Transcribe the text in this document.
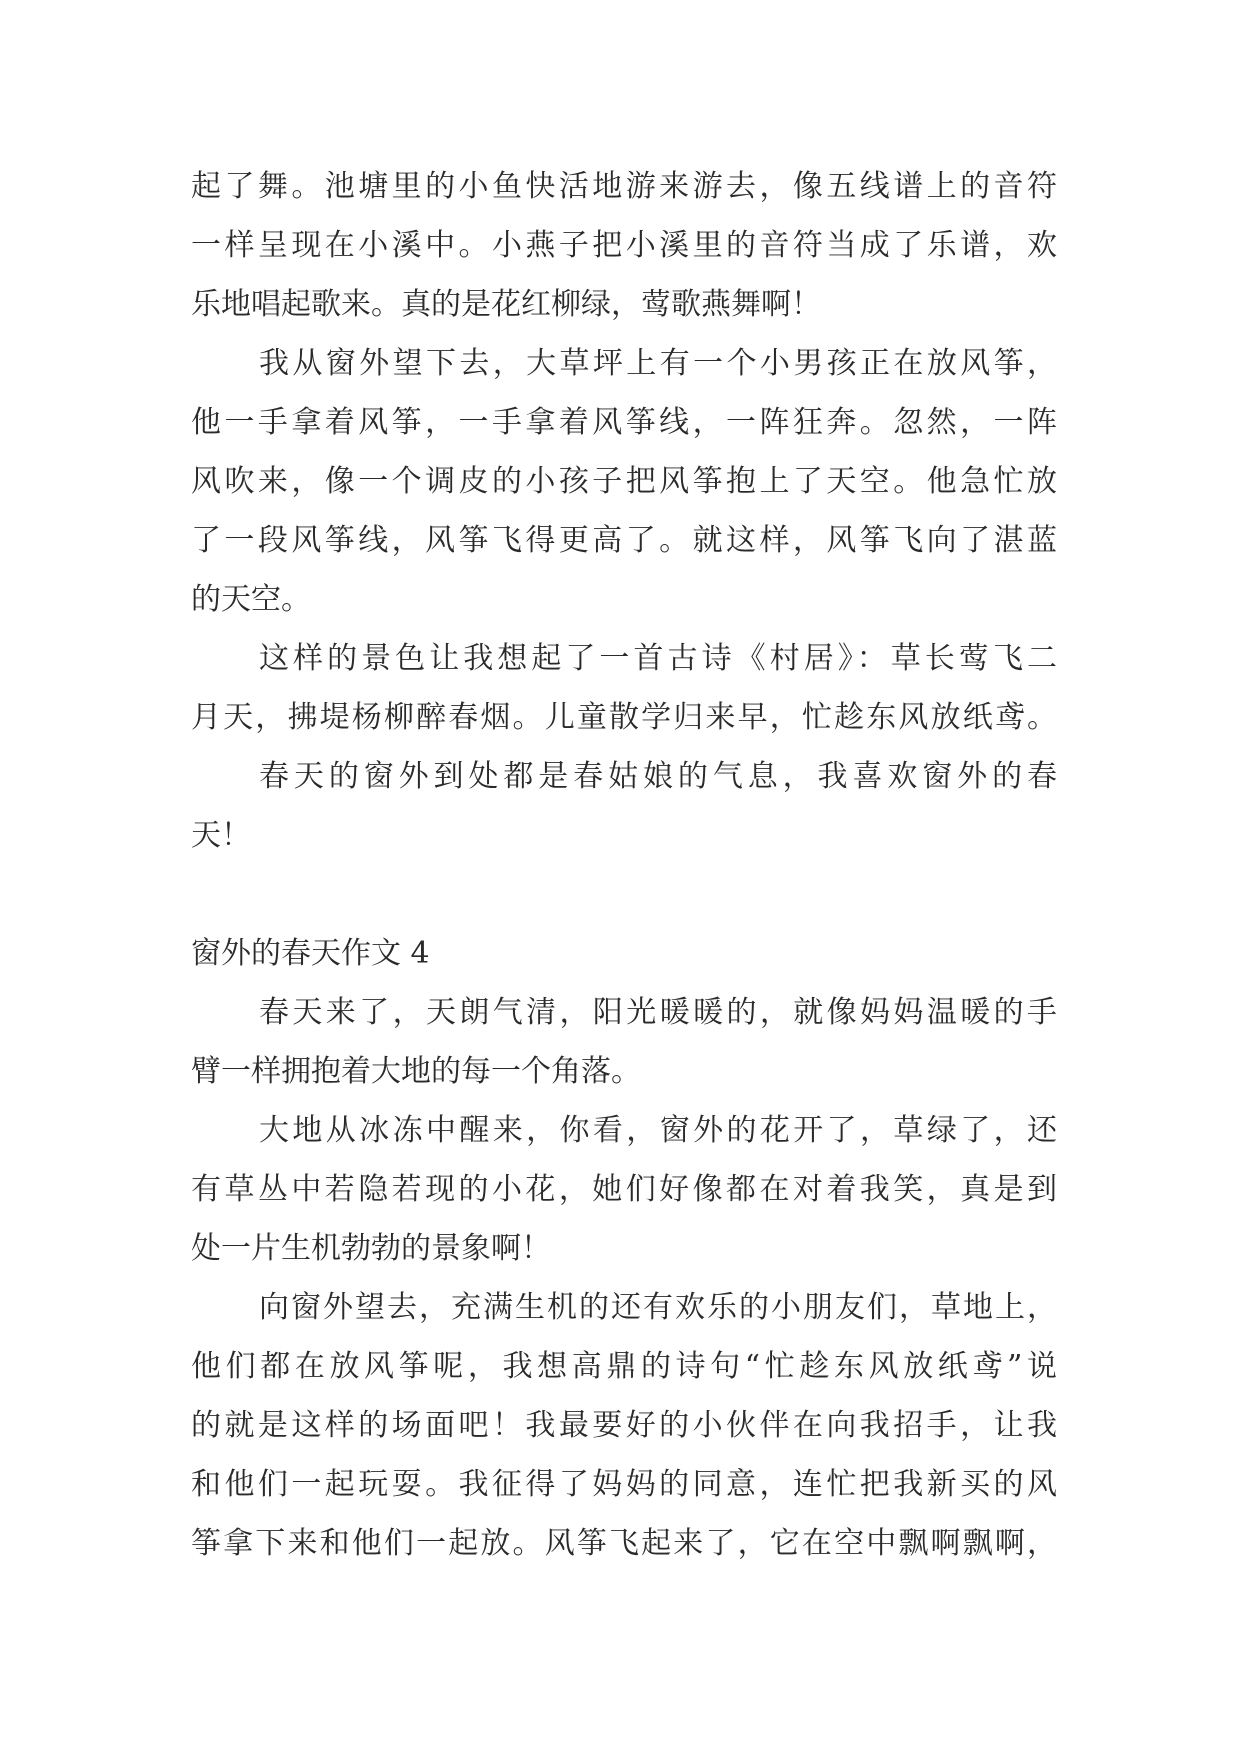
起了舞。池塘里的小鱼快活地游来游去，像五线谱上的音符
一样呈现在小溪中。小燕子把小溪里的音符当成了乐谱，欢
乐地唱起歌来。真的是花红柳绿，莺歌燕舞啊！
我从窗外望下去，大草坪上有一个小男孩正在放风筝，
他一手拿着风筝，一手拿着风筝线，一阵狂奔。忽然，一阵
风吹来，像一个调皮的小孩子把风筝抱上了天空。他急忙放
了一段风筝线，风筝飞得更高了。就这样，风筝飞向了湛蓝
的天空。
这样的景色让我想起了一首古诗《村居》：草长莺飞二
月天，拂堤杨柳醉春烟。儿童散学归来早，忙趁东风放纸鸢。
春天的窗外到处都是春姑娘的气息，我喜欢窗外的春
天！
窗外的春天作文 4
春天来了，天朗气清，阳光暖暖的，就像妈妈温暖的手
臂一样拥抱着大地的每一个角落。
大地从冰冻中醒来，你看，窗外的花开了，草绿了，还
有草丛中若隐若现的小花，她们好像都在对着我笑，真是到
处一片生机勃勃的景象啊！
向窗外望去，充满生机的还有欢乐的小朋友们，草地上，
他们都在放风筝呢，我想高鼎的诗句“忙趁东风放纸鸢”说
的就是这样的场面吧！我最要好的小伙伴在向我招手，让我
和他们一起玩耍。我征得了妈妈的同意，连忙把我新买的风
筝拿下来和他们一起放。风筝飞起来了，它在空中飘啊飘啊，
